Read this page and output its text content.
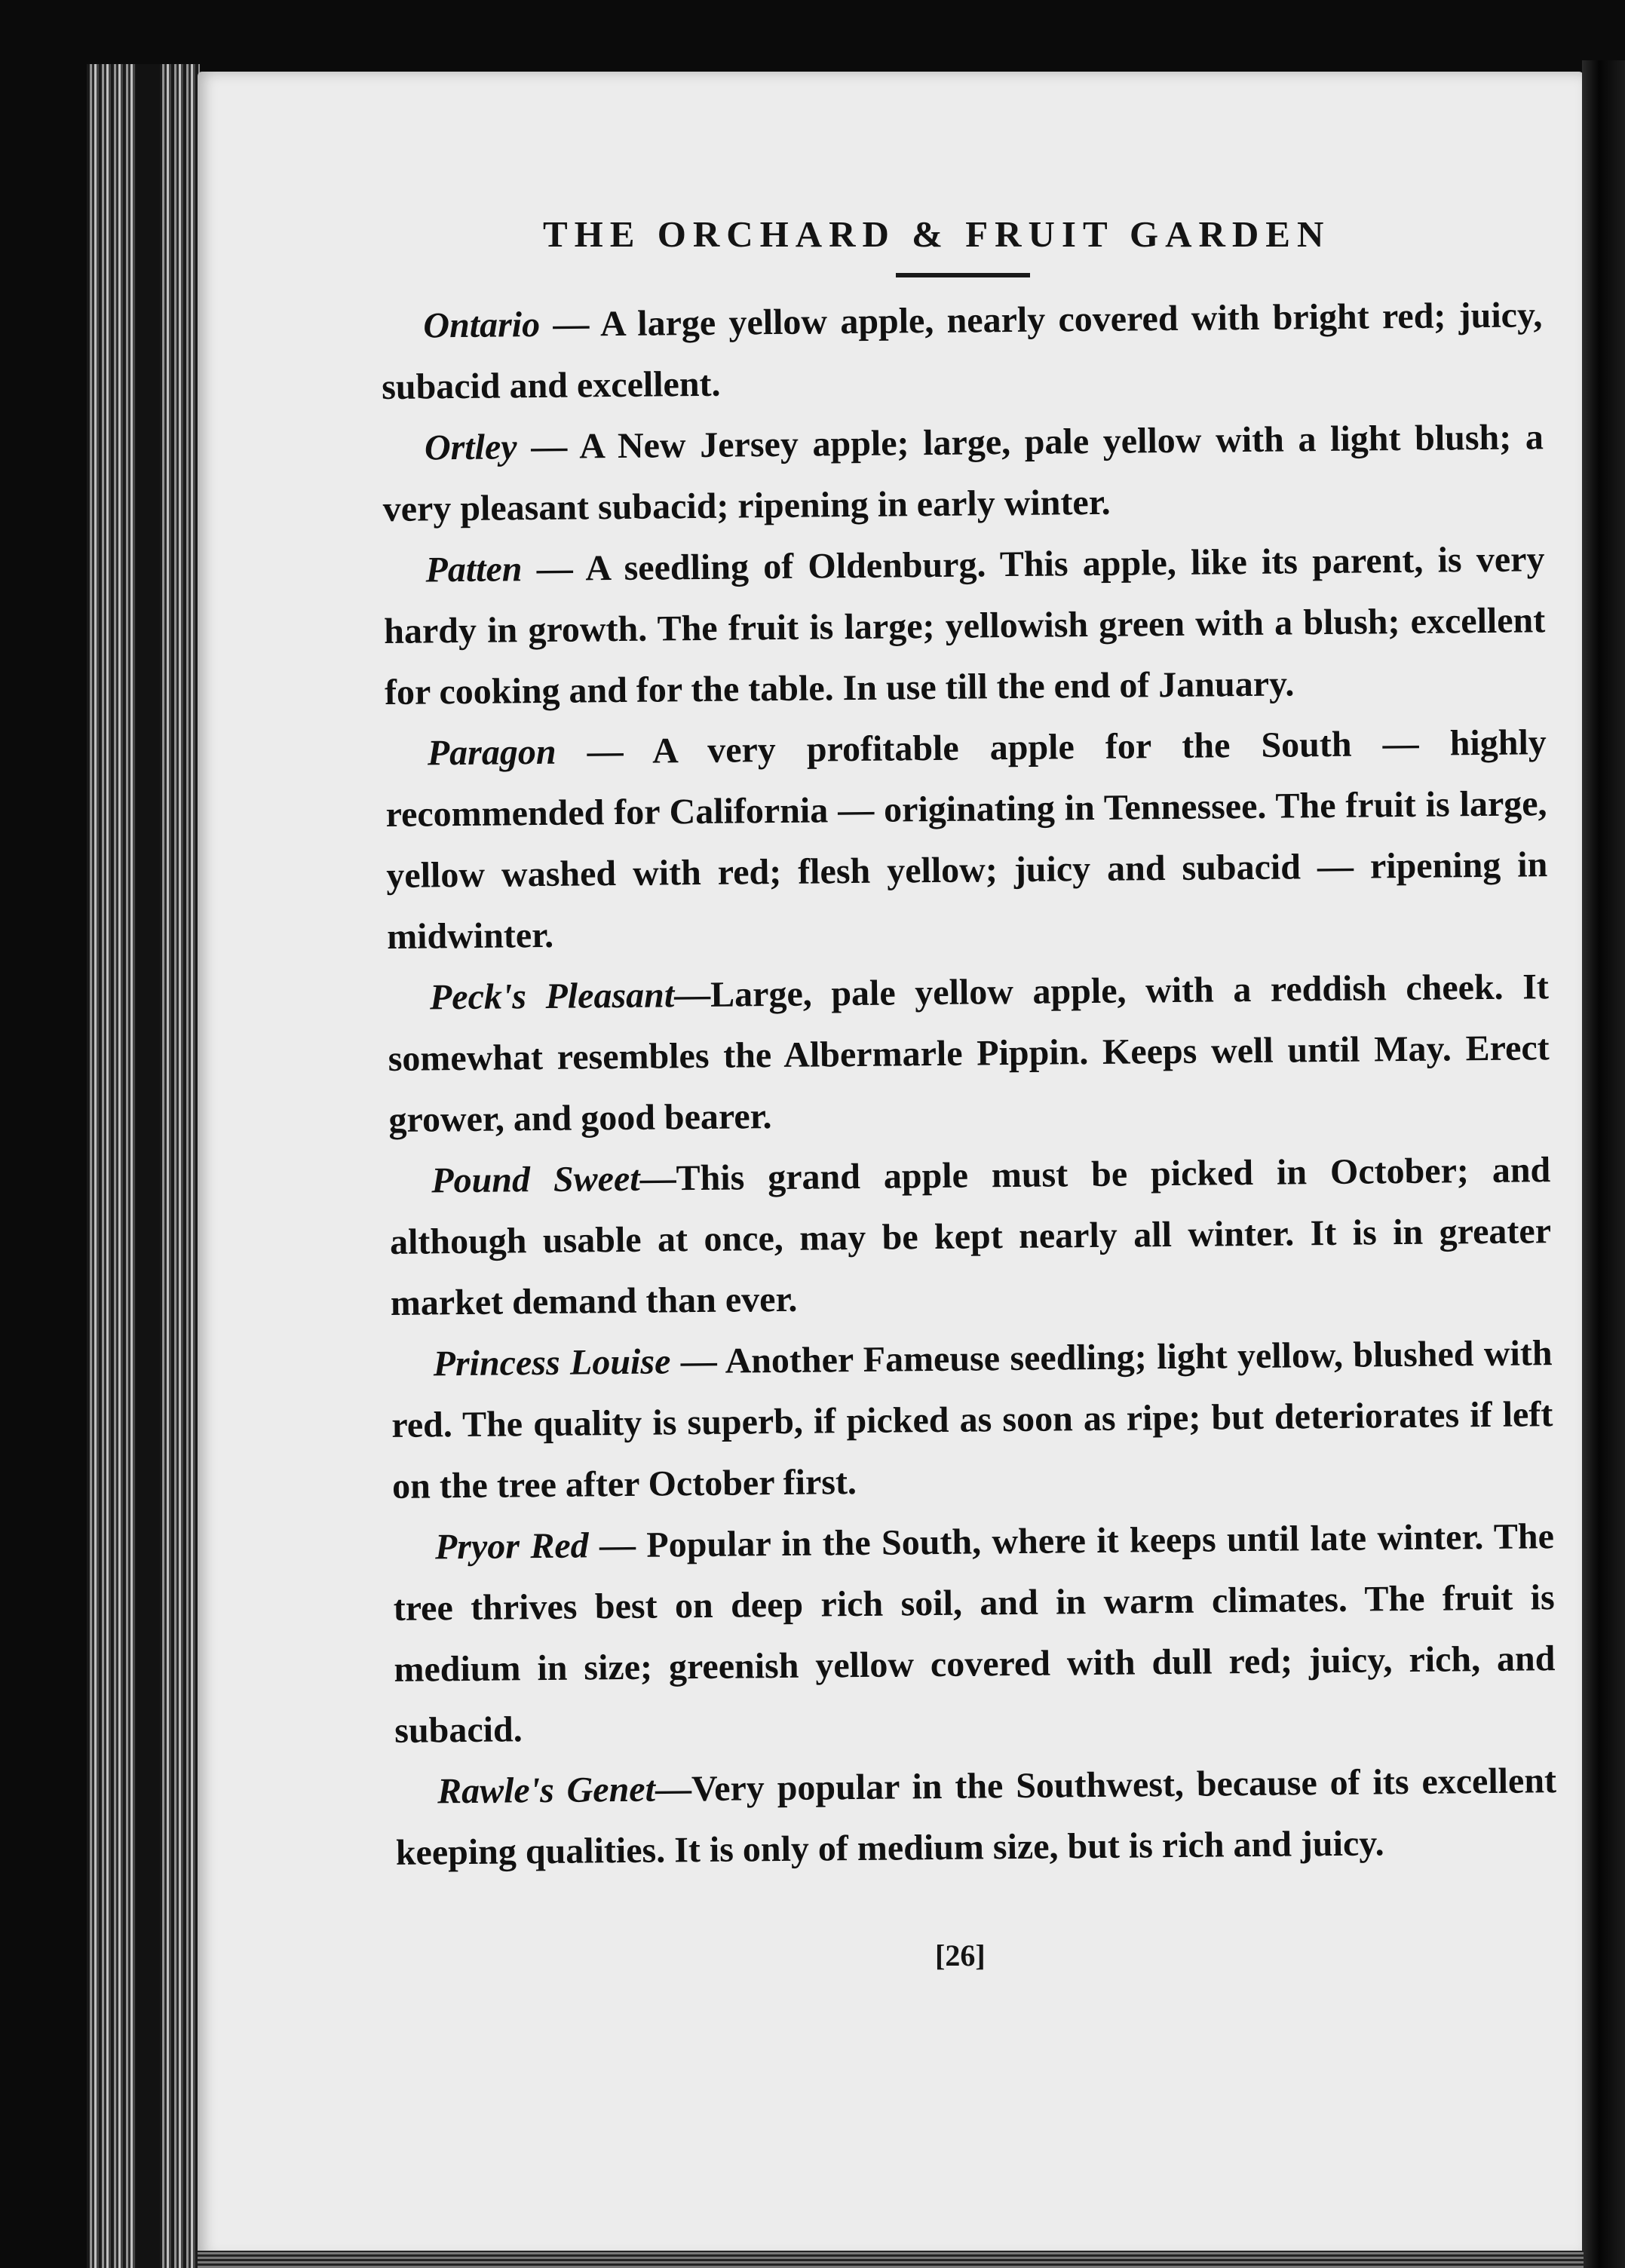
THE ORCHARD & FRUIT GARDEN

Ontario — A large yellow apple, nearly covered with bright red; juicy, subacid and excellent.

Ortley — A New Jersey apple; large, pale yellow with a light blush; a very pleasant subacid; ripening in early winter.

Patten — A seedling of Oldenburg. This apple, like its parent, is very hardy in growth. The fruit is large; yellowish green with a blush; excellent for cooking and for the table. In use till the end of January.

Paragon — A very profitable apple for the South — highly recommended for California — originating in Tennessee. The fruit is large, yellow washed with red; flesh yellow; juicy and subacid — ripening in midwinter.

Peck's Pleasant—Large, pale yellow apple, with a reddish cheek. It somewhat resembles the Albermarle Pippin. Keeps well until May. Erect grower, and good bearer.

Pound Sweet—This grand apple must be picked in October; and although usable at once, may be kept nearly all winter. It is in greater market demand than ever.

Princess Louise — Another Fameuse seedling; light yellow, blushed with red. The quality is superb, if picked as soon as ripe; but deteriorates if left on the tree after October first.

Pryor Red — Popular in the South, where it keeps until late winter. The tree thrives best on deep rich soil, and in warm climates. The fruit is medium in size; greenish yellow covered with dull red; juicy, rich, and subacid.

Rawle's Genet—Very popular in the Southwest, because of its excellent keeping qualities. It is only of medium size, but is rich and juicy.

[26]
